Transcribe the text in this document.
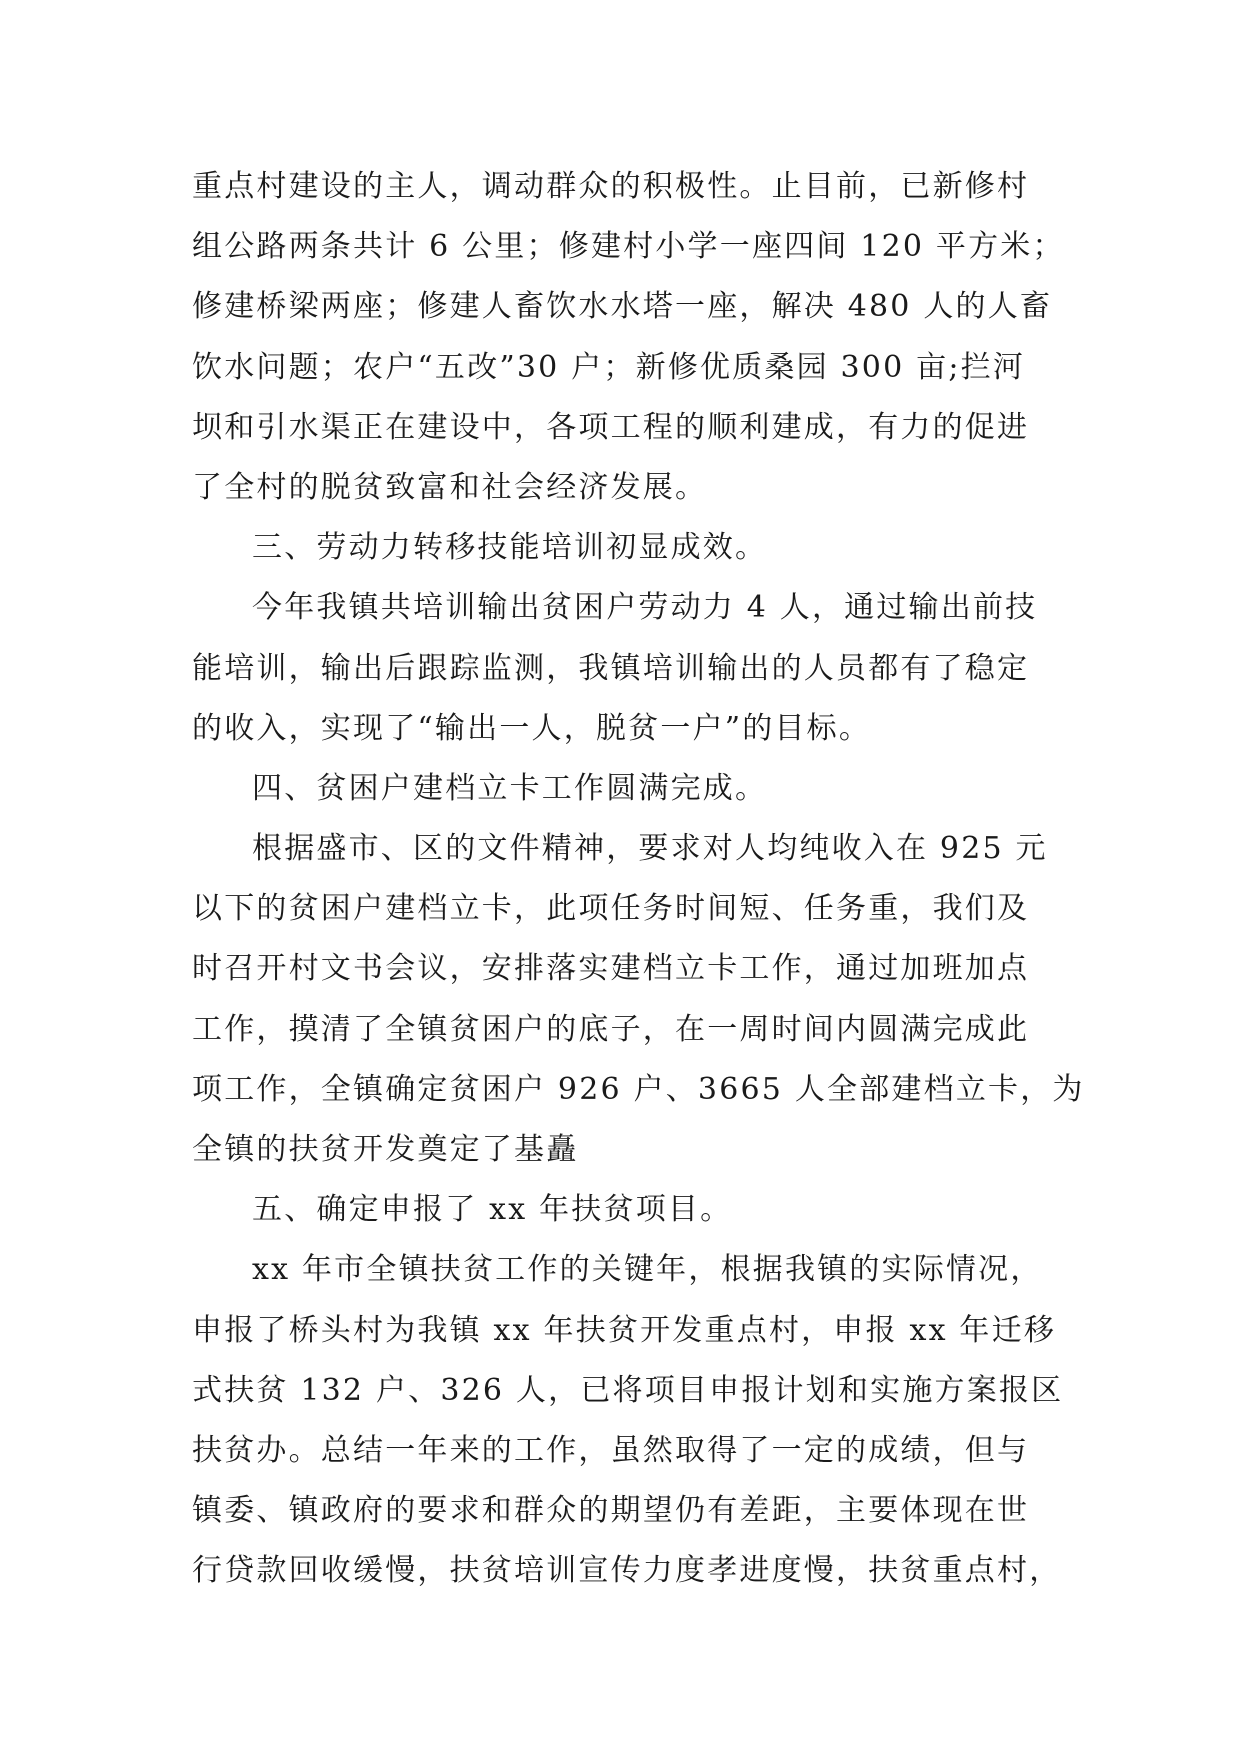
重点村建设的主人，调动群众的积极性。止目前，已新修村
组公路两条共计 6 公里；修建村小学一座四间 120 平方米；
修建桥梁两座；修建人畜饮水水塔一座，解决 480 人的人畜
饮水问题；农户“五改”30 户；新修优质桑园 300 亩;拦河
坝和引水渠正在建设中，各项工程的顺利建成，有力的促进
了全村的脱贫致富和社会经济发展。
三、劳动力转移技能培训初显成效。
今年我镇共培训输出贫困户劳动力 4 人，通过输出前技
能培训，输出后跟踪监测，我镇培训输出的人员都有了稳定
的收入，实现了“输出一人，脱贫一户”的目标。
四、贫困户建档立卡工作圆满完成。
根据盛市、区的文件精神，要求对人均纯收入在 925 元
以下的贫困户建档立卡，此项任务时间短、任务重，我们及
时召开村文书会议，安排落实建档立卡工作，通过加班加点
工作，摸清了全镇贫困户的底子，在一周时间内圆满完成此
项工作，全镇确定贫困户 926 户、3665 人全部建档立卡，为
全镇的扶贫开发奠定了基矗
五、确定申报了 xx 年扶贫项目。
xx 年市全镇扶贫工作的关键年，根据我镇的实际情况，
申报了桥头村为我镇 xx 年扶贫开发重点村，申报 xx 年迁移
式扶贫 132 户、326 人，已将项目申报计划和实施方案报区
扶贫办。总结一年来的工作，虽然取得了一定的成绩，但与
镇委、镇政府的要求和群众的期望仍有差距，主要体现在世
行贷款回收缓慢，扶贫培训宣传力度孝进度慢，扶贫重点村，
